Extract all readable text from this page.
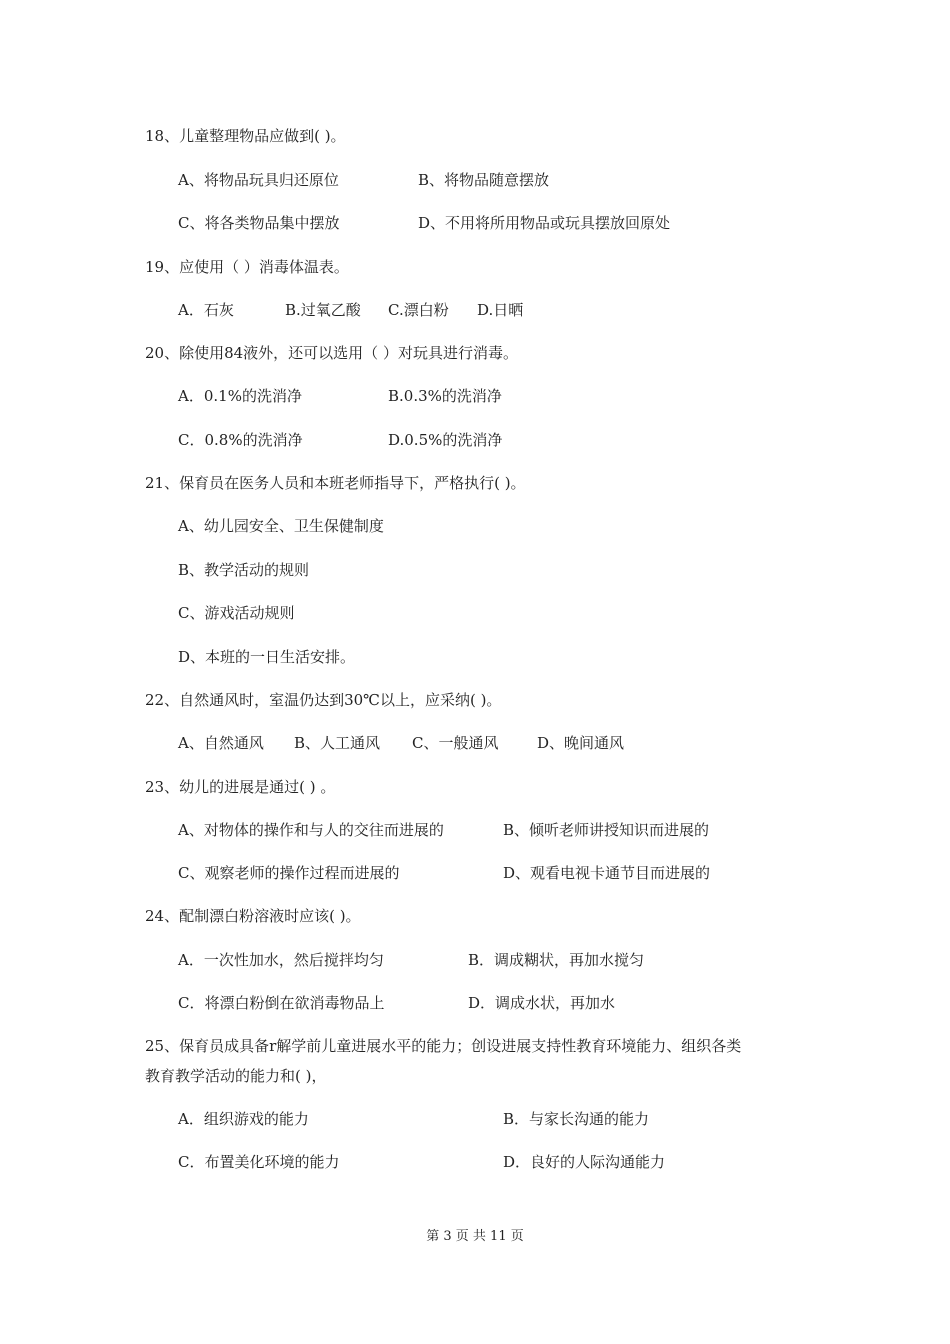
18、儿童整理物品应做到( )。
A、将物品玩具归还原位	B、将物品随意摆放
C、将各类物品集中摆放	D、不用将所用物品或玩具摆放回原处
19、应使用（ ）消毒体温表。
A．石灰	B.过氧乙酸 C.漂白粉 D.日晒
20、除使用84液外，还可以选用（ ）对玩具进行消毒。
A．0.1%的洗消净	B.0.3%的洗消净
C．0.8%的洗消净	D.0.5%的洗消净
21、保育员在医务人员和本班老师指导下，严格执行( )。
A、幼儿园安全、卫生保健制度
B、教学活动的规则
C、游戏活动规则
D、本班的一日生活安排。
22、自然通风时，室温仍达到30℃以上，应采纳( )。
A、自然通风 B、人工通风 C、一般通风	D、晚间通风
23、幼儿的进展是通过( ) 。
A、对物体的操作和与人的交往而进展的	B、倾听老师讲授知识而进展的
C、观察老师的操作过程而进展的	D、观看电视卡通节目而进展的
24、配制漂白粉溶液时应该( )。
A．一次性加水，然后搅拌均匀	B．调成糊状，再加水搅匀
C．将漂白粉倒在欲消毒物品上	D．调成水状，再加水
25、保育员成具备r解学前儿童进展水平的能力；创设进展支持性教育环境能力、组织各类
教育教学活动的能力和( )，
A．组织游戏的能力	B．与家长沟通的能力
C．布置美化环境的能力	D．良好的人际沟通能力
第 3 页 共 11 页
